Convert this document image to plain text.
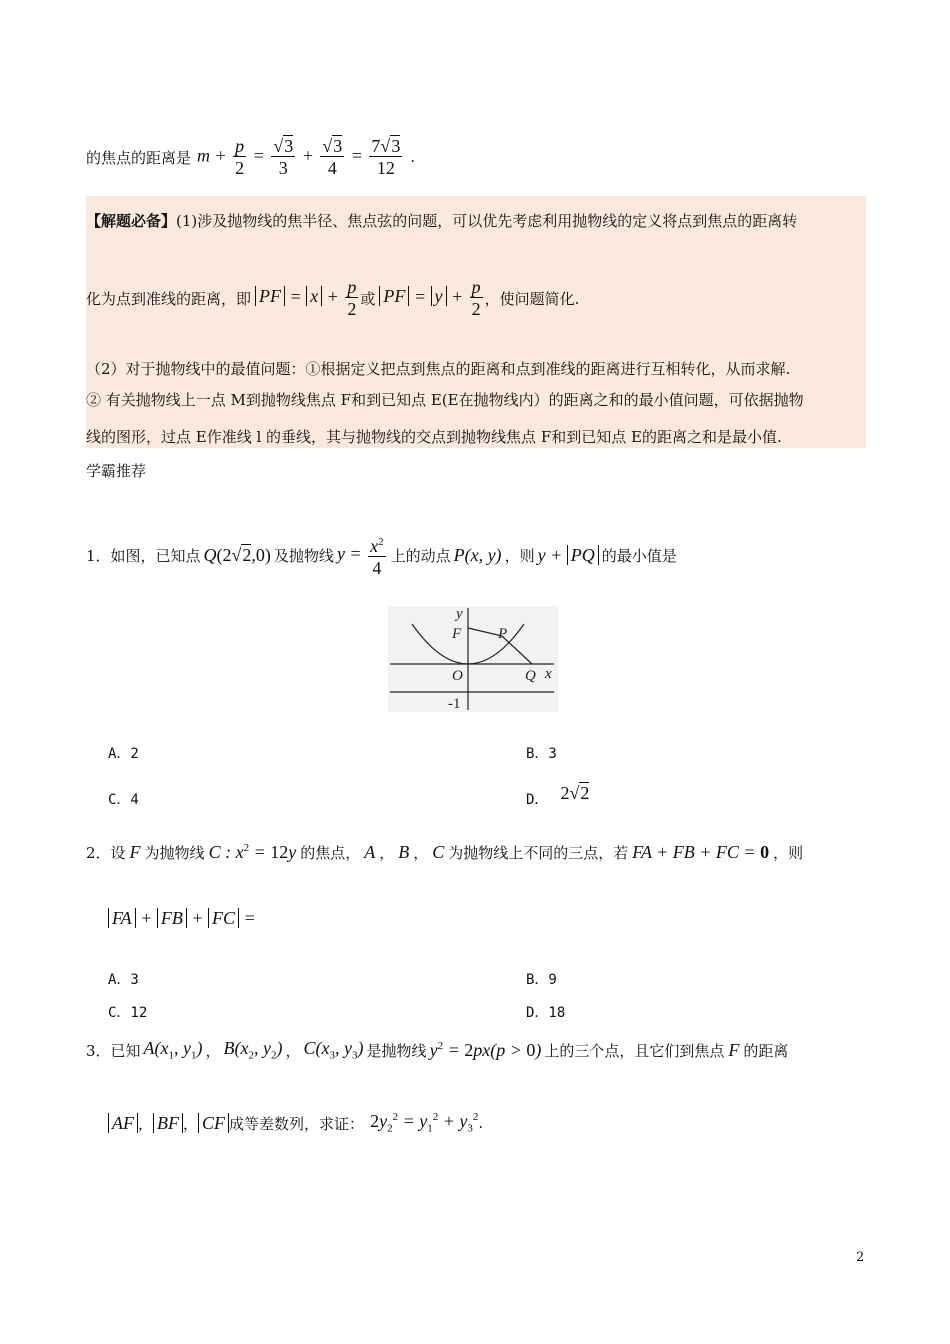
的焦点的距离是 $m + \frac{p}{2} = \frac{√3}{3} + \frac{√3}{4} = \frac{7√3}{12}$ .
【解题必备】(1)涉及抛物线的焦半径、焦点弦的问题，可以优先考虑利用抛物线的定义将点到焦点的距离转
化为点到准线的距离，即 PF = $x + \frac{p}{2}$ 或 PF = $y + \frac{p}{2}$ ，使问题简化.
（2）对于抛物线中的最值问题：①根据定义把点到焦点的距离和点到准线的距离进行互相转化，从而求解.
② 有关抛物线上一点 M到抛物线焦点 F和到已知点 E(E在抛物线内）的距离之和的最小值问题，可依据抛物
线的图形，过点 E作准线 l 的垂线，其与抛物线的交点到抛物线焦点 F和到已知点 E的距离之和是最小值.
学霸推荐
1．如图，已知点 Q(2√2,0) 及抛物线 $y = \frac{x^2}{4}$ 上的动点 P(x, y) ，则 y + PQ 的最小值是
y
x
F P
O	Q
-1
A．2	B．3
C．4	D． 2√2
2．设 F 为抛物线 C : $x^2 = 12y$ 的焦点， A ， B ， C 为抛物线上不同的三点，若 FA + FB + FC = 0 ，则
FA + FB + FC =
A．3	B．9
C．12	D．18
3．已知 $A(x_1$, $y_1$) ， $B(x_2$, $y_2$) ， $C(x_3$, $y_3$) 是抛物线 $y^2 = 2px(p > 0)$ 上的三个点，且它们到焦点 F 的距离
AF ， BF ， CF 成等差数列，求证： $2y_2^2 = y_1^2 + y_3^2$ .
2
